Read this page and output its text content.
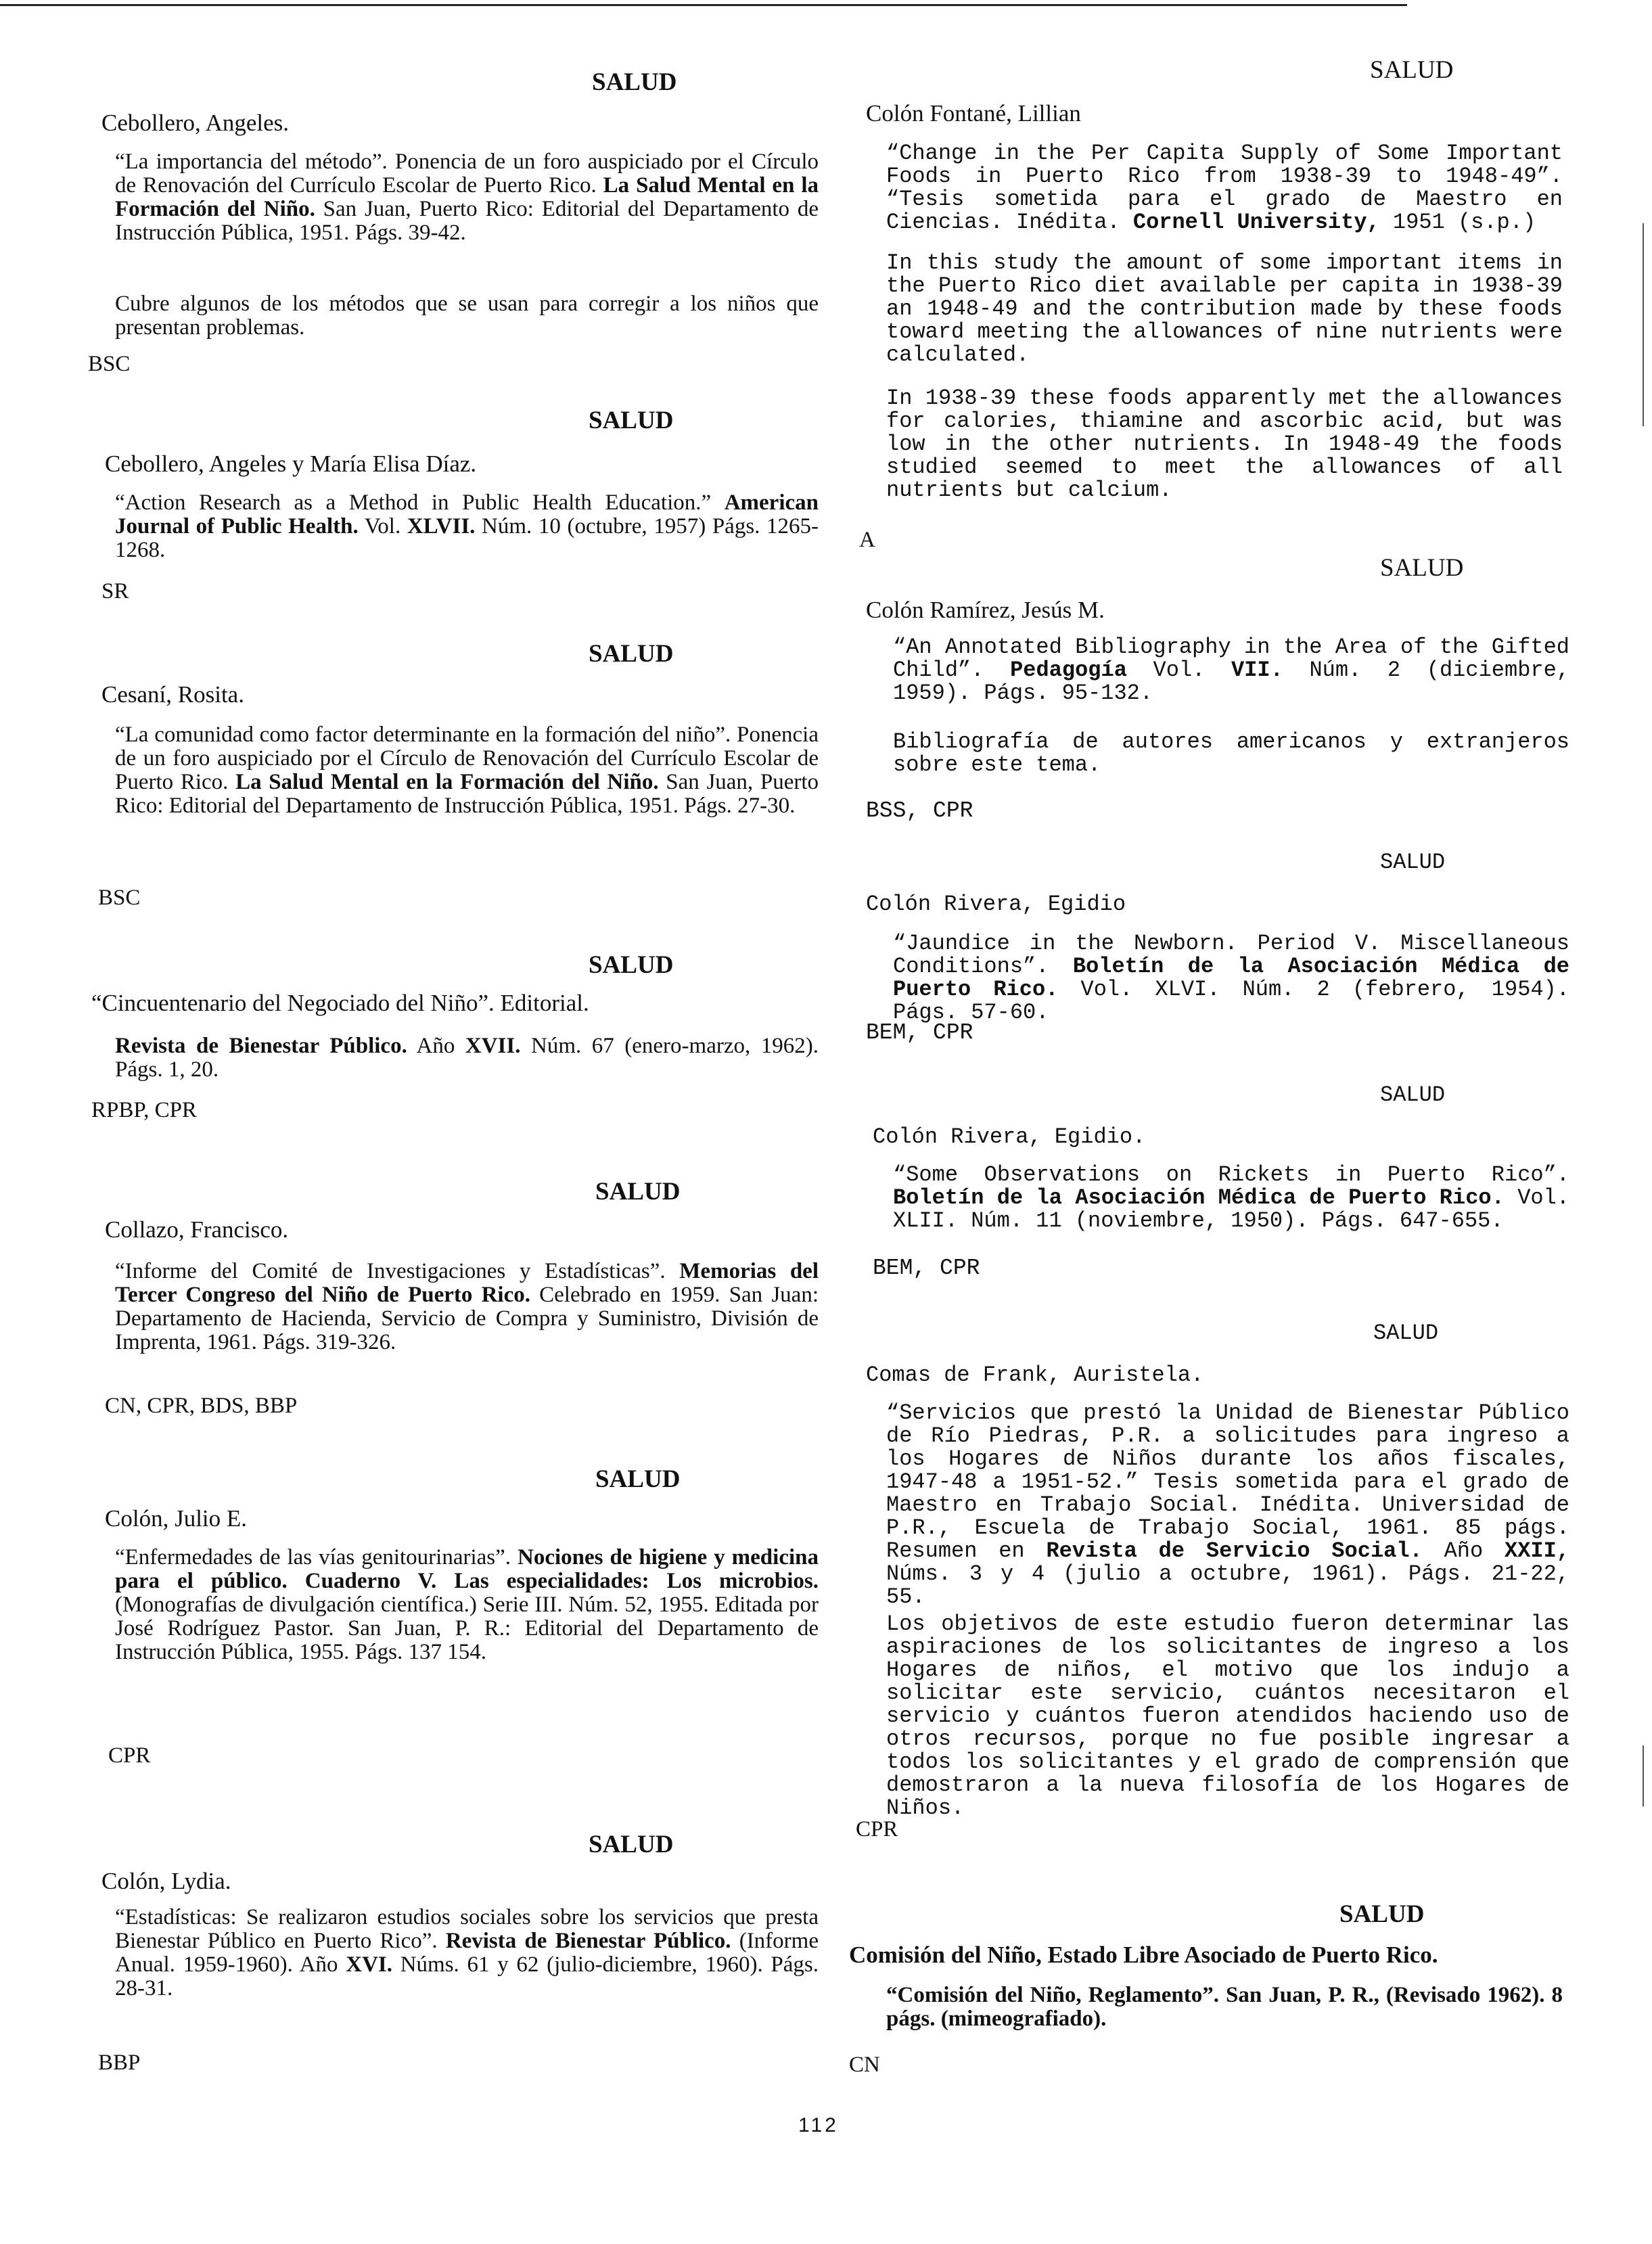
SALUD
Cebollero, Angeles.
“La importancia del método”. Ponencia de un foro auspiciado por el Círculo de Renovación del Currículo Escolar de Puerto Rico. La Salud Mental en la Formación del Niño. San Juan, Puerto Rico: Editorial del Departamento de Instrucción Pública, 1951. Págs. 39-42.
Cubre algunos de los métodos que se usan para corregir a los niños que presentan problemas.
BSC
SALUD
Cebollero, Angeles y María Elisa Díaz.
“Action Research as a Method in Public Health Education.” American Journal of Public Health. Vol. XLVII. Núm. 10 (octubre, 1957) Págs. 1265-1268.
SR
SALUD
Cesaní, Rosita.
“La comunidad como factor determinante en la formación del niño”. Ponencia de un foro auspiciado por el Círculo de Renovación del Currículo Escolar de Puerto Rico. La Salud Mental en la Formación del Niño. San Juan, Puerto Rico: Editorial del Departamento de Instrucción Pública, 1951. Págs. 27-30.
BSC
SALUD
“Cincuentenario del Negociado del Niño”. Editorial.
Revista de Bienestar Público. Año XVII. Núm. 67 (enero-marzo, 1962). Págs. 1, 20.
RPBP, CPR
SALUD
Collazo, Francisco.
“Informe del Comité de Investigaciones y Estadísticas”. Memorias del Tercer Congreso del Niño de Puerto Rico. Celebrado en 1959. San Juan: Departamento de Hacienda, Servicio de Compra y Suministro, División de Imprenta, 1961. Págs. 319-326.
CN, CPR, BDS, BBP
SALUD
Colón, Julio E.
“Enfermedades de las vías genitourinarias”. Nociones de higiene y medicina para el público. Cuaderno V. Las especialidades: Los microbios. (Monografías de divulgación científica.) Serie III. Núm. 52, 1955. Editada por José Rodríguez Pastor. San Juan, P. R.: Editorial del Departamento de Instrucción Pública, 1955. Págs. 137 154.
CPR
SALUD
Colón, Lydia.
“Estadísticas: Se realizaron estudios sociales sobre los servicios que presta Bienestar Público en Puerto Rico”. Revista de Bienestar Público. (Informe Anual. 1959-1960). Año XVI. Núms. 61 y 62 (julio-diciembre, 1960). Págs. 28-31.
BBP
SALUD
Colón Fontané, Lillian
“Change in the Per Capita Supply of Some Important Foods in Puerto Rico from 1938-39 to 1948-49”. “Tesis sometida para el grado de Maestro en Ciencias. Inédita. Cornell University, 1951 (s.p.)
In this study the amount of some important items in the Puerto Rico diet available per capita in 1938-39 an 1948-49 and the contribution made by these foods toward meeting the allowances of nine nutrients were calculated.
In 1938-39 these foods apparently met the allowances for calories, thiamine and ascorbic acid, but was low in the other nutrients. In 1948-49 the foods studied seemed to meet the allowances of all nutrients but calcium.
A
SALUD
Colón Ramírez, Jesús M.
“An Annotated Bibliography in the Area of the Gifted Child”. Pedagogía Vol. VII. Núm. 2 (diciembre, 1959). Págs. 95-132.
Bibliografía de autores americanos y extranjeros sobre este tema.
BSS, CPR
SALUD
Colón Rivera, Egidio
“Jaundice in the Newborn. Period V. Miscellaneous Conditions”. Boletín de la Asociación Médica de Puerto Rico. Vol. XLVI. Núm. 2 (febrero, 1954). Págs. 57-60.
BEM, CPR
SALUD
Colón Rivera, Egidio.
“Some Observations on Rickets in Puerto Rico”. Boletín de la Asociación Médica de Puerto Rico. Vol. XLII. Núm. 11 (noviembre, 1950). Págs. 647-655.
BEM, CPR
SALUD
Comas de Frank, Auristela.
“Servicios que prestó la Unidad de Bienestar Público de Río Piedras, P.R. a solicitudes para ingreso a los Hogares de Niños durante los años fiscales, 1947-48 a 1951-52.” Tesis sometida para el grado de Maestro en Trabajo Social. Inédita. Universidad de P.R., Escuela de Trabajo Social, 1961. 85 págs. Resumen en Revista de Servicio Social. Año XXII, Núms. 3 y 4 (julio a octubre, 1961). Págs. 21-22, 55.
Los objetivos de este estudio fueron determinar las aspiraciones de los solicitantes de ingreso a los Hogares de niños, el motivo que los indujo a solicitar este servicio, cuántos necesitaron el servicio y cuántos fueron atendidos haciendo uso de otros recursos, porque no fue posible ingresar a todos los solicitantes y el grado de comprensión que demostraron a la nueva filosofía de los Hogares de Niños.
CPR
SALUD
Comisión del Niño, Estado Libre Asociado de Puerto Rico.
“Comisión del Niño, Reglamento”. San Juan, P. R., (Revisado 1962). 8 págs. (mimeografiado).
CN
112
